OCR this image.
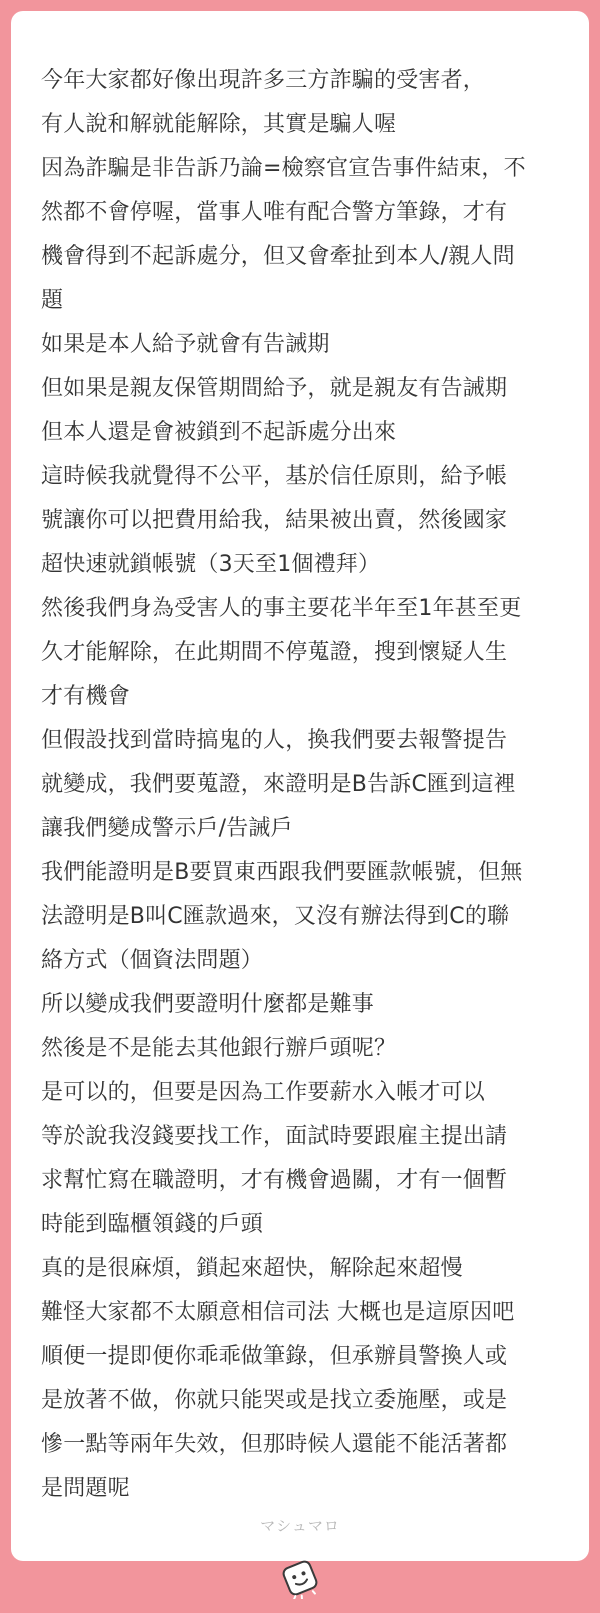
今年大家都好像出現許多三方詐騙的受害者，
有人說和解就能解除，其實是騙人喔
因為詐騙是非告訴乃論=檢察官宣告事件結束，不
然都不會停喔，當事人唯有配合警方筆錄，才有
機會得到不起訴處分，但又會牽扯到本人/親人問
題
如果是本人給予就會有告誡期
但如果是親友保管期間給予，就是親友有告誡期
但本人還是會被鎖到不起訴處分出來
這時候我就覺得不公平，基於信任原則，給予帳
號讓你可以把費用給我，結果被出賣，然後國家
超快速就鎖帳號（3天至1個禮拜）
然後我們身為受害人的事主要花半年至1年甚至更
久才能解除，在此期間不停蒐證，搜到懷疑人生
才有機會
但假設找到當時搞鬼的人，換我們要去報警提告
就變成，我們要蒐證，來證明是B告訴C匯到這裡
讓我們變成警示戶/告誡戶
我們能證明是B要買東西跟我們要匯款帳號，但無
法證明是B叫C匯款過來，又沒有辦法得到C的聯
絡方式（個資法問題）
所以變成我們要證明什麼都是難事
然後是不是能去其他銀行辦戶頭呢？
是可以的，但要是因為工作要薪水入帳才可以
等於說我沒錢要找工作，面試時要跟雇主提出請
求幫忙寫在職證明，才有機會過關，才有一個暫
時能到臨櫃領錢的戶頭
真的是很麻煩，鎖起來超快，解除起來超慢
難怪大家都不太願意相信司法 大概也是這原因吧
順便一提即便你乖乖做筆錄，但承辦員警換人或
是放著不做，你就只能哭或是找立委施壓，或是
慘一點等兩年失效，但那時候人還能不能活著都
是問題呢
マシュマロ
